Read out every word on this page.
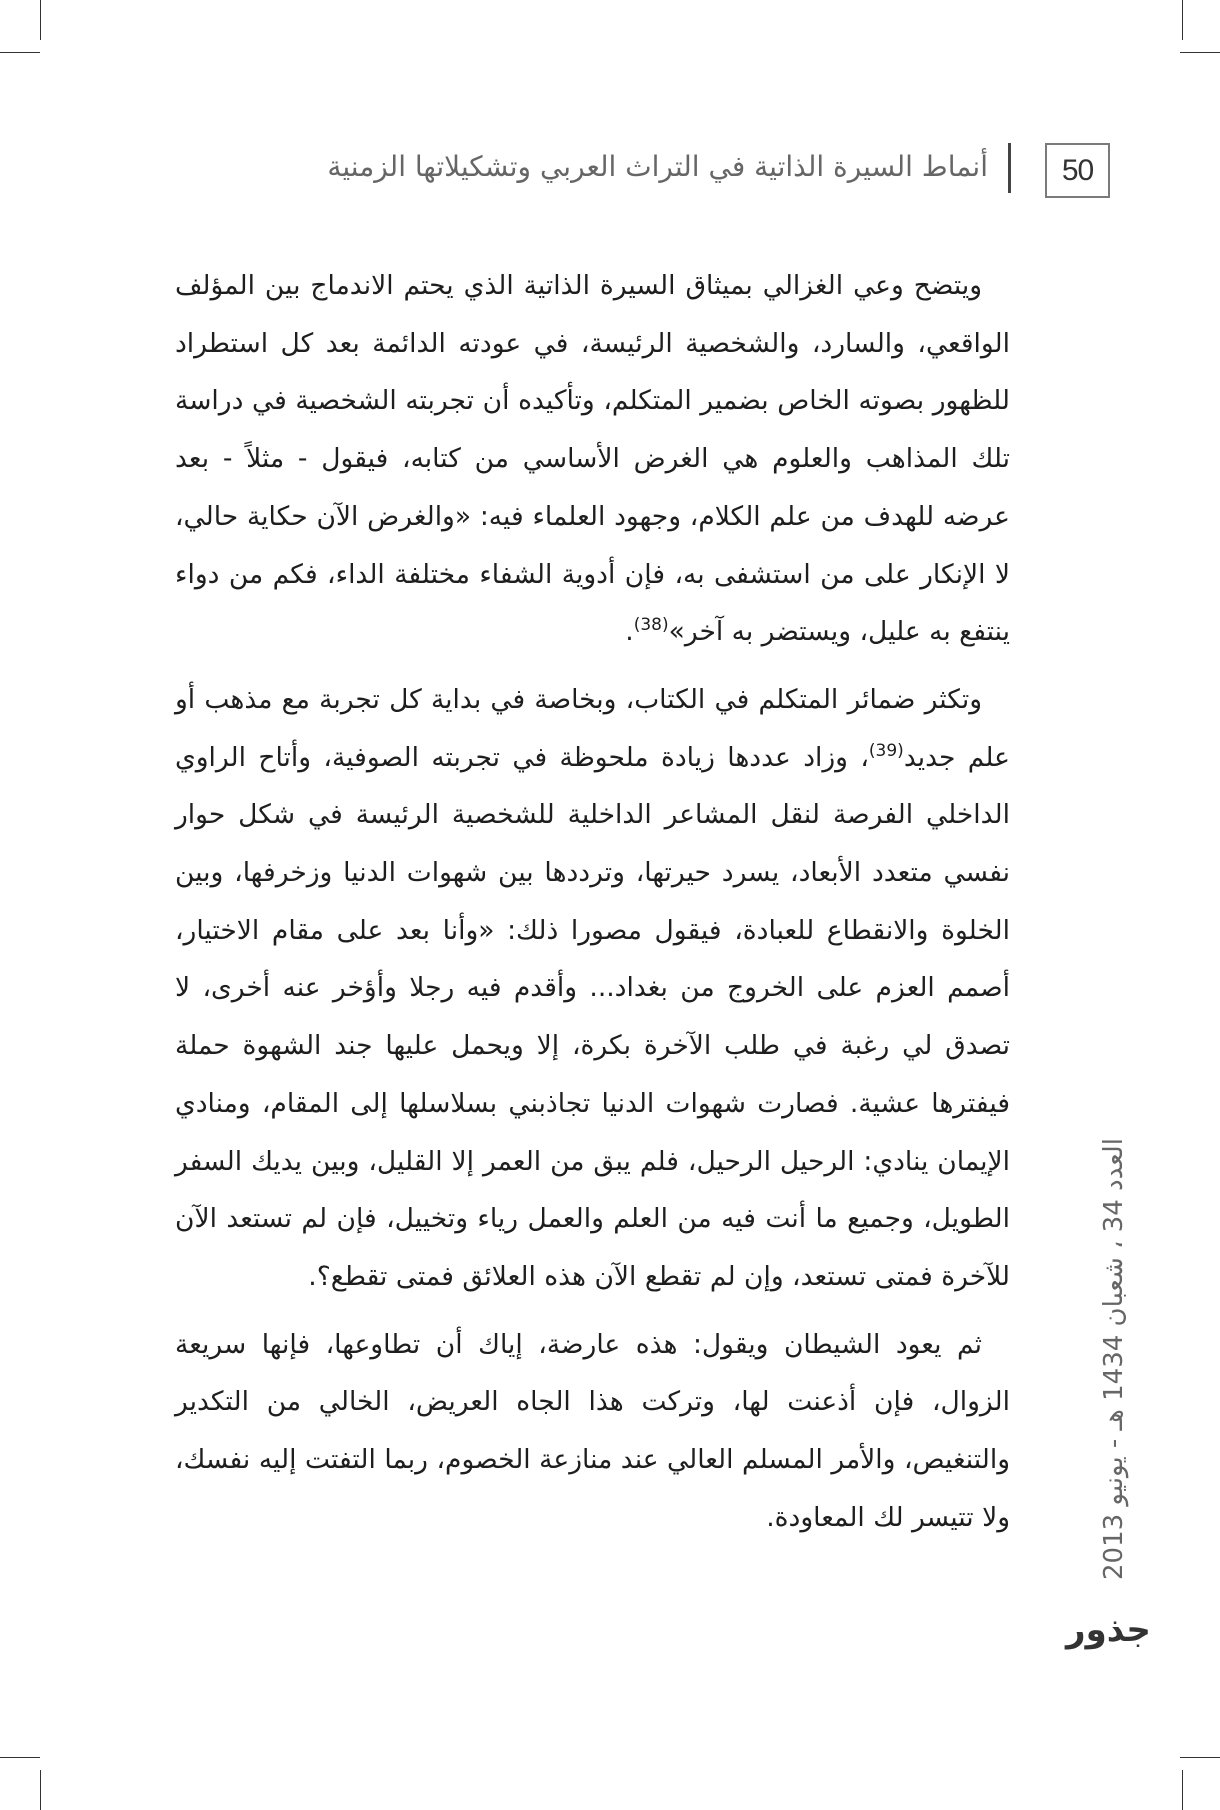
50
أنماط السيرة الذاتية في التراث العربي وتشكيلاتها الزمنية

ويتضح وعي الغزالي بميثاق السيرة الذاتية الذي يحتم الاندماج بين المؤلف الواقعي، والسارد، والشخصية الرئيسة، في عودته الدائمة بعد كل استطراد للظهور بصوته الخاص بضمير المتكلم، وتأكيده أن تجربته الشخصية في دراسة تلك المذاهب والعلوم هي الغرض الأساسي من كتابه، فيقول - مثلاً - بعد عرضه للهدف من علم الكلام، وجهود العلماء فيه: «والغرض الآن حكاية حالي، لا الإنكار على من استشفى به، فإن أدوية الشفاء مختلفة الداء، فكم من دواء ينتفع به عليل، ويستضر به آخر»$^{(38)}$.

وتكثر ضمائر المتكلم في الكتاب، وبخاصة في بداية كل تجربة مع مذهب أو علم جديد$^{(39)}$، وزاد عددها زيادة ملحوظة في تجربته الصوفية، وأتاح الراوي الداخلي الفرصة لنقل المشاعر الداخلية للشخصية الرئيسة في شكل حوار نفسي متعدد الأبعاد، يسرد حيرتها، وترددها بين شهوات الدنيا وزخرفها، وبين الخلوة والانقطاع للعبادة، فيقول مصورا ذلك: «وأنا بعد على مقام الاختيار، أصمم العزم على الخروج من بغداد... وأقدم فيه رجلا وأؤخر عنه أخرى، لا تصدق لي رغبة في طلب الآخرة بكرة، إلا ويحمل عليها جند الشهوة حملة فيفترها عشية. فصارت شهوات الدنيا تجاذبني بسلاسلها إلى المقام، ومنادي الإيمان ينادي: الرحيل الرحيل، فلم يبق من العمر إلا القليل، وبين يديك السفر الطويل، وجميع ما أنت فيه من العلم والعمل رياء وتخييل، فإن لم تستعد الآن للآخرة فمتى تستعد، وإن لم تقطع الآن هذه العلائق فمتى تقطع؟.

ثم يعود الشيطان ويقول: هذه عارضة، إياك أن تطاوعها، فإنها سريعة الزوال، فإن أذعنت لها، وتركت هذا الجاه العريض، الخالي من التكدير والتنغيص، والأمر المسلم العالي عند منازعة الخصوم، ربما التفتت إليه نفسك، ولا تتيسر لك المعاودة.	العدد 34 ، شعبان 1434 هـ - يونيو 2013
جذور
